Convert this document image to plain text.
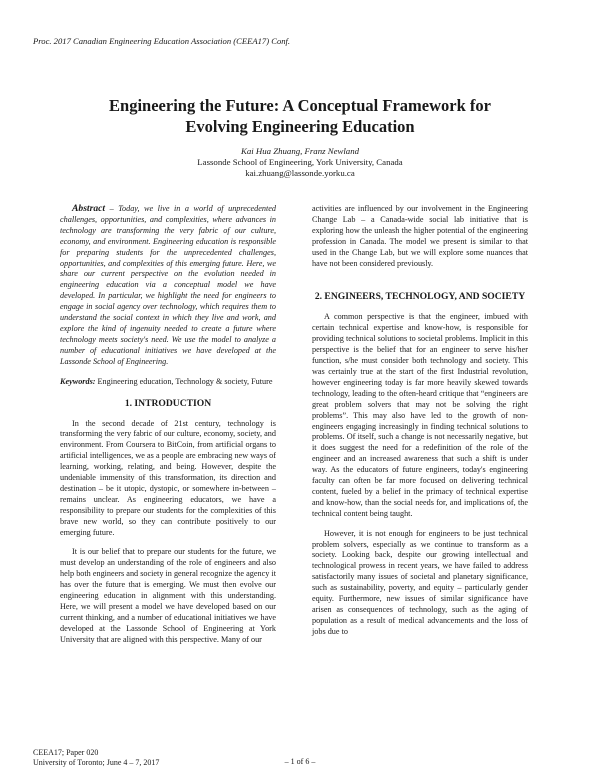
Proc. 2017 Canadian Engineering Education Association (CEEA17) Conf.
Engineering the Future: A Conceptual Framework for
Evolving Engineering Education
Kai Hua Zhuang, Franz Newland
Lassonde School of Engineering, York University, Canada
kai.zhuang@lassonde.yorku.ca

Abstract – Today, we live in a world of unprecedented challenges, opportunities, and complexities, where advances in technology are transforming the very fabric of our culture, economy, and environment. Engineering education is responsible for preparing students for the unprecedented challenges, opportunities, and complexities of this emerging future. Here, we share our current perspective on the evolution needed in engineering education via a conceptual model we have developed. In particular, we highlight the need for engineers to engage in social agency over technology, which requires them to understand the social context in which they live and work, and explore the kind of ingenuity needed to create a future where technology meets society's need. We use the model to analyze a number of educational initiatives we have developed at the Lassonde School of Engineering.

Keywords: Engineering education, Technology & society, Future

1. INTRODUCTION

In the second decade of 21st century, technology is transforming the very fabric of our culture, economy, society, and environment. From Coursera to BitCoin, from artificial organs to artificial intelligences, we as a people are embracing new ways of learning, working, relating, and being. However, despite the undeniable immensity of this transformation, its direction and destination – be it utopic, dystopic, or somewhere in-between – remains unclear. As engineering educators, we have a responsibility to prepare our students for the complexities of this brave new world, so they can contribute positively to our emerging future.

It is our belief that to prepare our students for the future, we must develop an understanding of the role of engineers and also help both engineers and society in general recognize the agency it has over the future that is emerging. We must then evolve our engineering education in alignment with this understanding. Here, we will present a model we have developed based on our current thinking, and a number of educational initiatives we have developed at the Lassonde School of Engineering at York University that are aligned with this perspective. Many of our

activities are influenced by our involvement in the Engineering Change Lab – a Canada-wide social lab initiative that is exploring how the unleash the higher potential of the engineering profession in Canada. The model we present is similar to that used in the Change Lab, but we will explore some nuances that have not been considered previously.

2. ENGINEERS, TECHNOLOGY, AND SOCIETY

A common perspective is that the engineer, imbued with certain technical expertise and know-how, is responsible for providing technical solutions to societal problems. Implicit in this perspective is the belief that for an engineer to serve his/her function, s/he must consider both technology and society. This was certainly true at the start of the first Industrial revolution, however engineering today is far more heavily skewed towards technology, leading to the often-heard critique that “engineers are great problem solvers that may not be solving the right problems”. This may also have led to the growth of non-engineers engaging increasingly in finding technical solutions to problems. Of itself, such a change is not necessarily negative, but it does suggest the need for a redefinition of the role of the engineer and an increased awareness that such a shift is under way. As the educators of future engineers, today's engineering faculty can often be far more focused on delivering technical content, fueled by a belief in the primacy of technical expertise and know-how, than the social needs for, and implications of, the technical content being taught.

However, it is not enough for engineers to be just technical problem solvers, especially as we continue to transform as a society. Looking back, despite our growing intellectual and technological prowess in recent years, we have failed to address satisfactorily many issues of societal and planetary significance, such as sustainability, poverty, and equity – particularly gender equity. Furthermore, new issues of similar significance have arisen as consequences of technology, such as the aging of population as a result of medical advancements and the loss of jobs due to

CEEA17; Paper 020
University of Toronto; June 4 – 7, 2017	– 1 of 6 –
